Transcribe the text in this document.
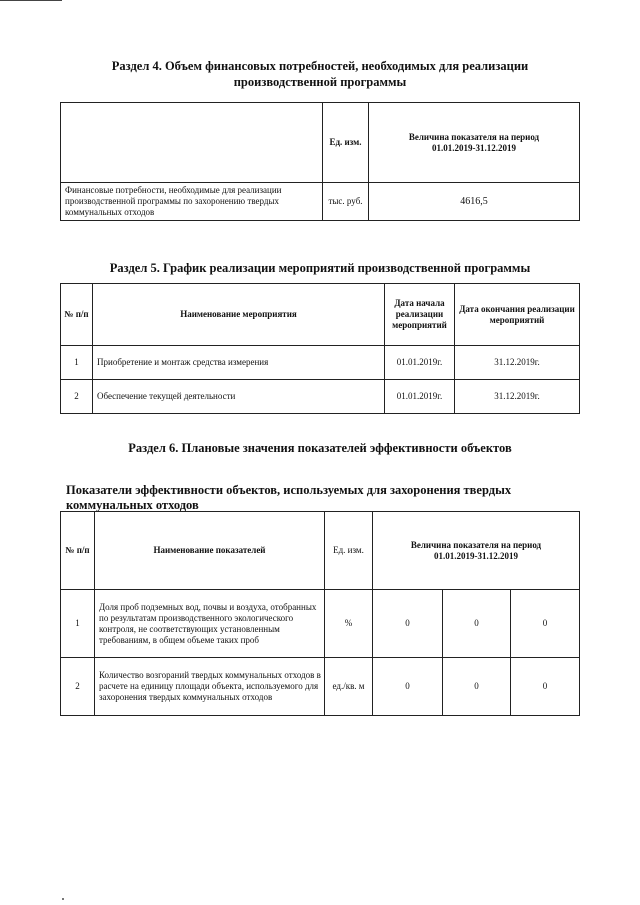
Раздел 4. Объем финансовых потребностей, необходимых для реализации
производственной программы
	Ед. изм.	Величина показателя на период
01.01.2019-31.12.2019

Финансовые потребности, необходимые для реализации производственной программы по захоронению твердых коммунальных отходов	тыс. руб.	4616,5
Раздел 5. График реализации мероприятий производственной программы
№ п/п	Наименование мероприятия	Дата начала реализации мероприятий	Дата окончания реализации мероприятий
1	Приобретение и монтаж средства измерения	01.01.2019г.	31.12.2019г.
2	Обеспечение текущей деятельности	01.01.2019г.	31.12.2019г.
Раздел 6. Плановые значения показателей эффективности объектов
Показатели эффективности объектов, используемых для захоронения твердых
коммунальных отходов
№ п/п	Наименование показателей	Ед. изм.	Величина показателя на период
01.01.2019-31.12.2019		

1	Доля проб подземных вод, почвы и воздуха, отобранных по результатам производственного экологического контроля, не соответствующих установленным требованиям, в общем объеме таких проб	%	0	0	0
2	Количество возгораний твердых коммунальных отходов в расчете на единицу площади объекта, используемого для захоронения твердых коммунальных отходов	ед./кв. м	0	0	0
